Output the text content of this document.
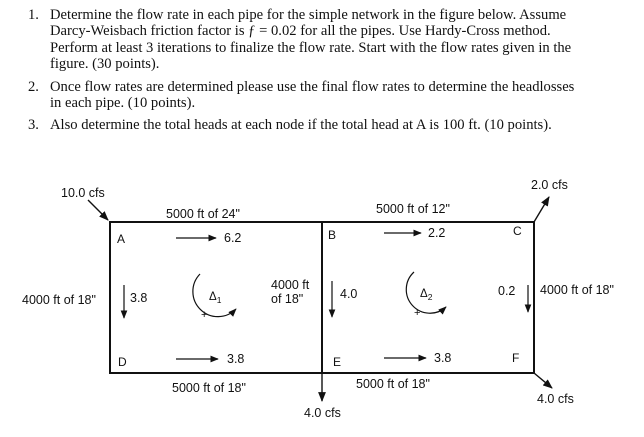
1. Determine the flow rate in each pipe for the simple network in the figure below. Assume
Darcy-Weisbach friction factor is ƒ = 0.02 for all the pipes. Use Hardy-Cross method.
Perform at least 3 iterations to finalize the flow rate. Start with the flow rates given in the
figure. (30 points).
2. Once flow rates are determined please use the final flow rates to determine the headlosses
in each pipe. (10 points).
3. Also determine the total heads at each node if the total head at A is 100 ft. (10 points).
A	B	C
D	E	F
10.0 cfs
2.0 cfs
4.0 cfs
4.0 cfs
5000 ft of 24"
6.2
5000 ft of 12"
2.2
4000 ft of 18"	3.8
4000 ft
of 18"	4.0	0.2 4000 ft of 18"
3.8
5000 ft of 18"
3.8
5000 ft of 18"
$\Delta_1$
+
$\Delta_2$
+
